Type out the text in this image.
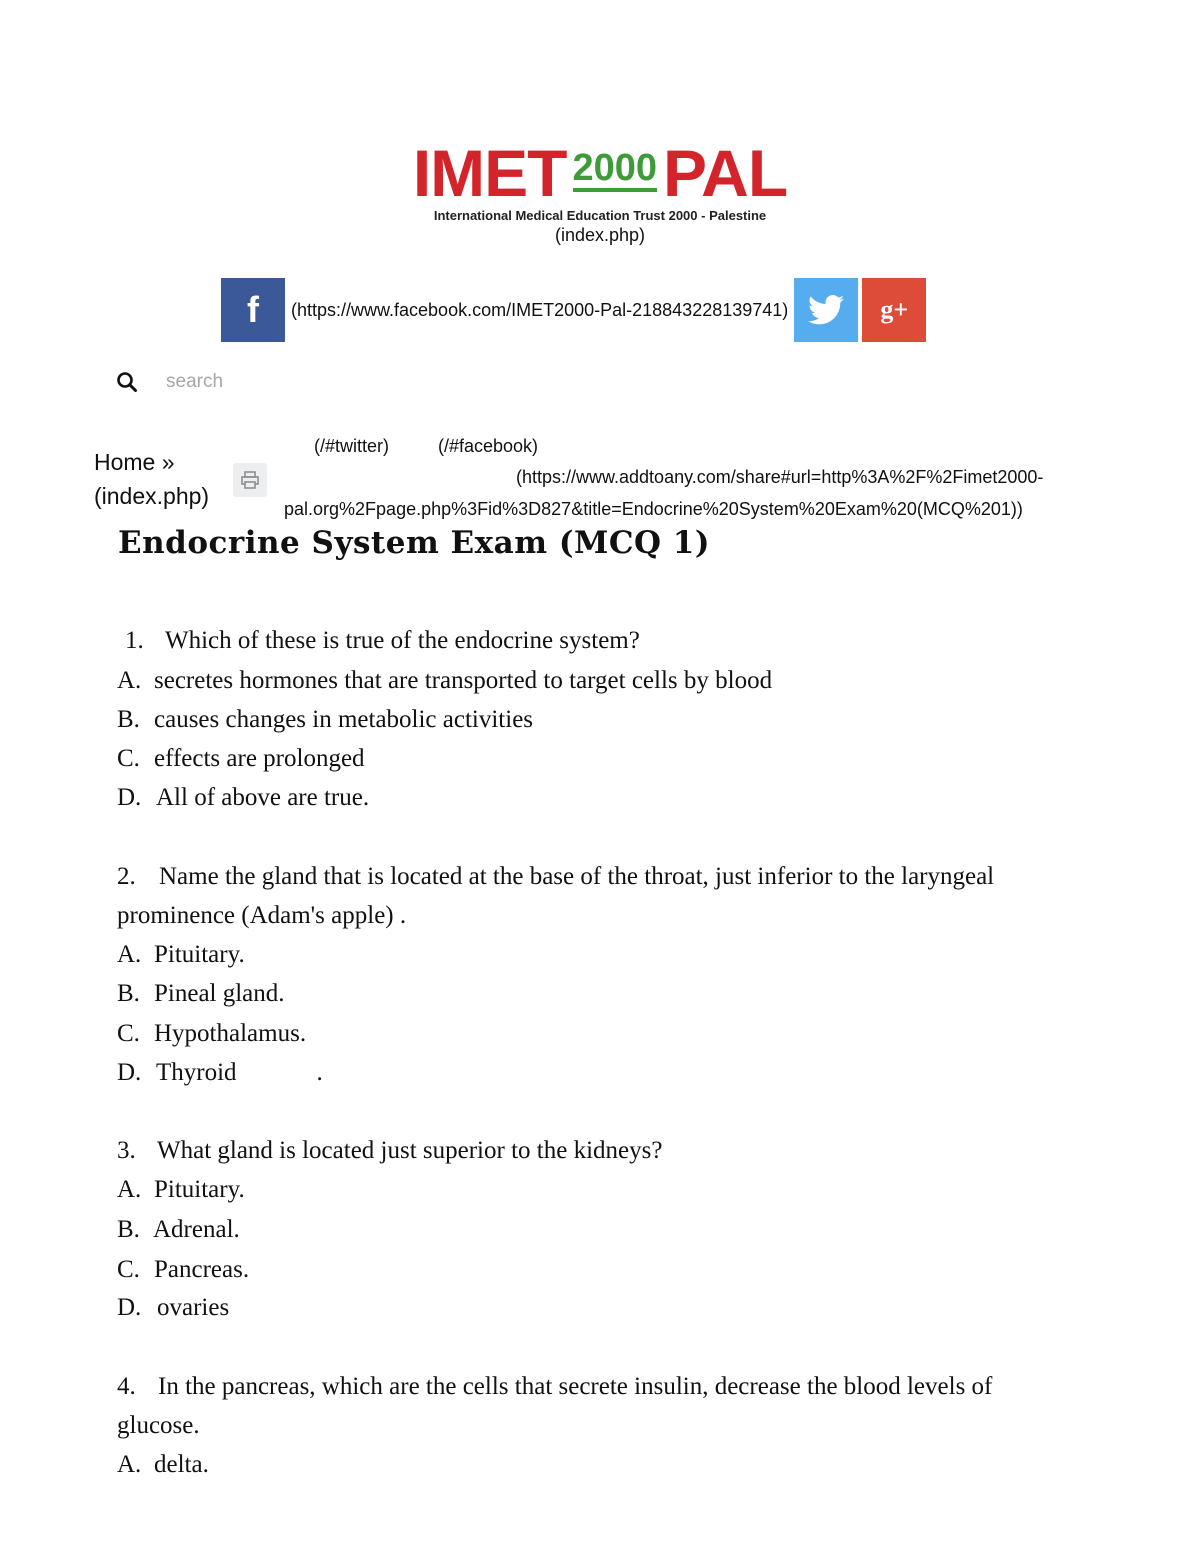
IMET 2000 PAL
International Medical Education Trust 2000 - Palestine
(index.php)
f (https://www.facebook.com/IMET2000-Pal-218843228139741)	g+
search
Home »
(index.php)
(/#twitter)	(/#facebook)
(https://www.addtoany.com/share#url=http%3A%2F%2Fimet2000-
pal.org%2Fpage.php%3Fid%3D827&title=Endocrine%20System%20Exam%20(MCQ%201))
Endocrine System Exam (MCQ 1)
1. Which of these is true of the endocrine system?
A. secretes hormones that are transported to target cells by blood
B. causes changes in metabolic activities
C. effects are prolonged
D. All of above are true.
2. Name the gland that is located at the base of the throat, just inferior to the laryngeal
prominence (Adam's apple) .
A. Pituitary.
B. Pineal gland.
C. Hypothalamus.
D. Thyroid	.
3. What gland is located just superior to the kidneys?
A. Pituitary.
B. Adrenal.
C. Pancreas.
D. ovaries
4. In the pancreas, which are the cells that secrete insulin, decrease the blood levels of
glucose.
A. delta.
